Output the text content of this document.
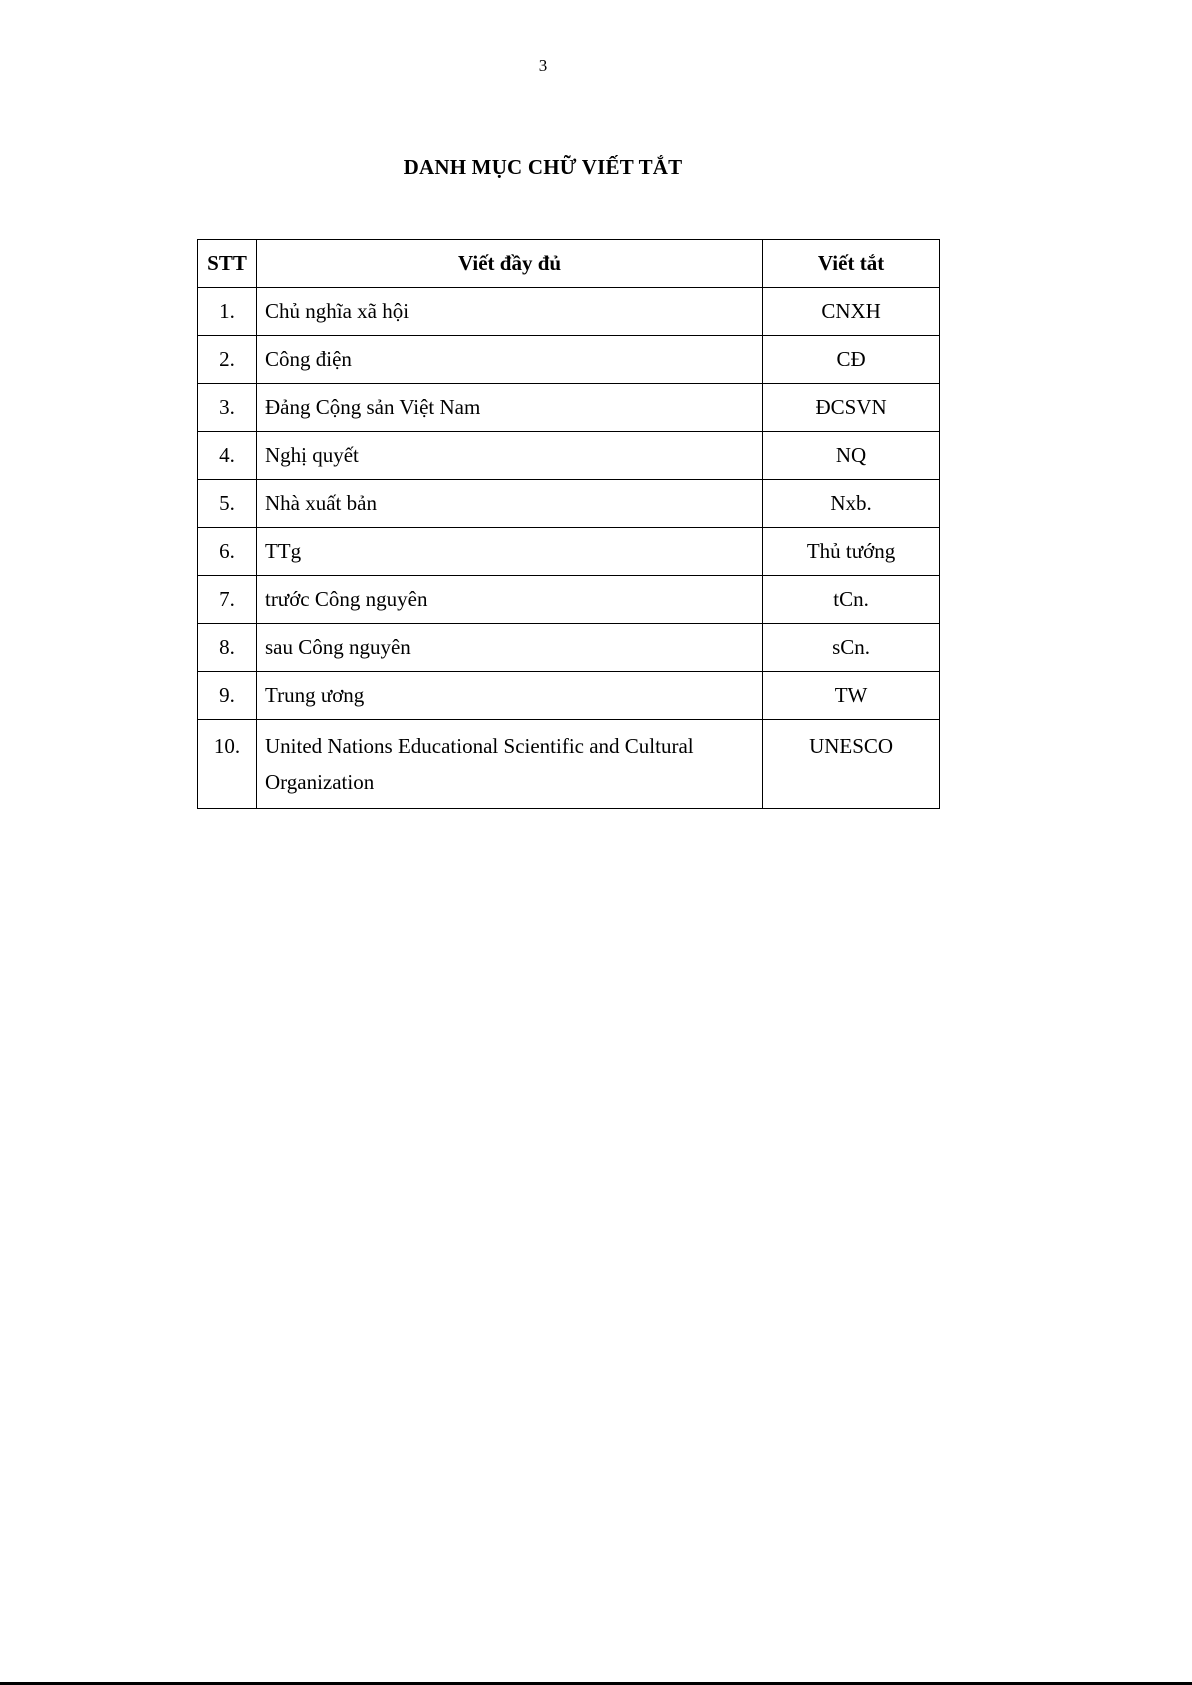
3
DANH MỤC CHỮ VIẾT TẮT
STT	Viết đầy đủ	Viết tắt
1.	Chủ nghĩa xã hội	CNXH
2.	Công điện	CĐ
3.	Đảng Cộng sản Việt Nam	ĐCSVN
4.	Nghị quyết	NQ
5.	Nhà xuất bản	Nxb.
6.	TTg	Thủ tướng
7.	trước Công nguyên	tCn.
8.	sau Công nguyên	sCn.
9.	Trung ương	TW
10.	United Nations Educational Scientific and Cultural Organization	UNESCO
